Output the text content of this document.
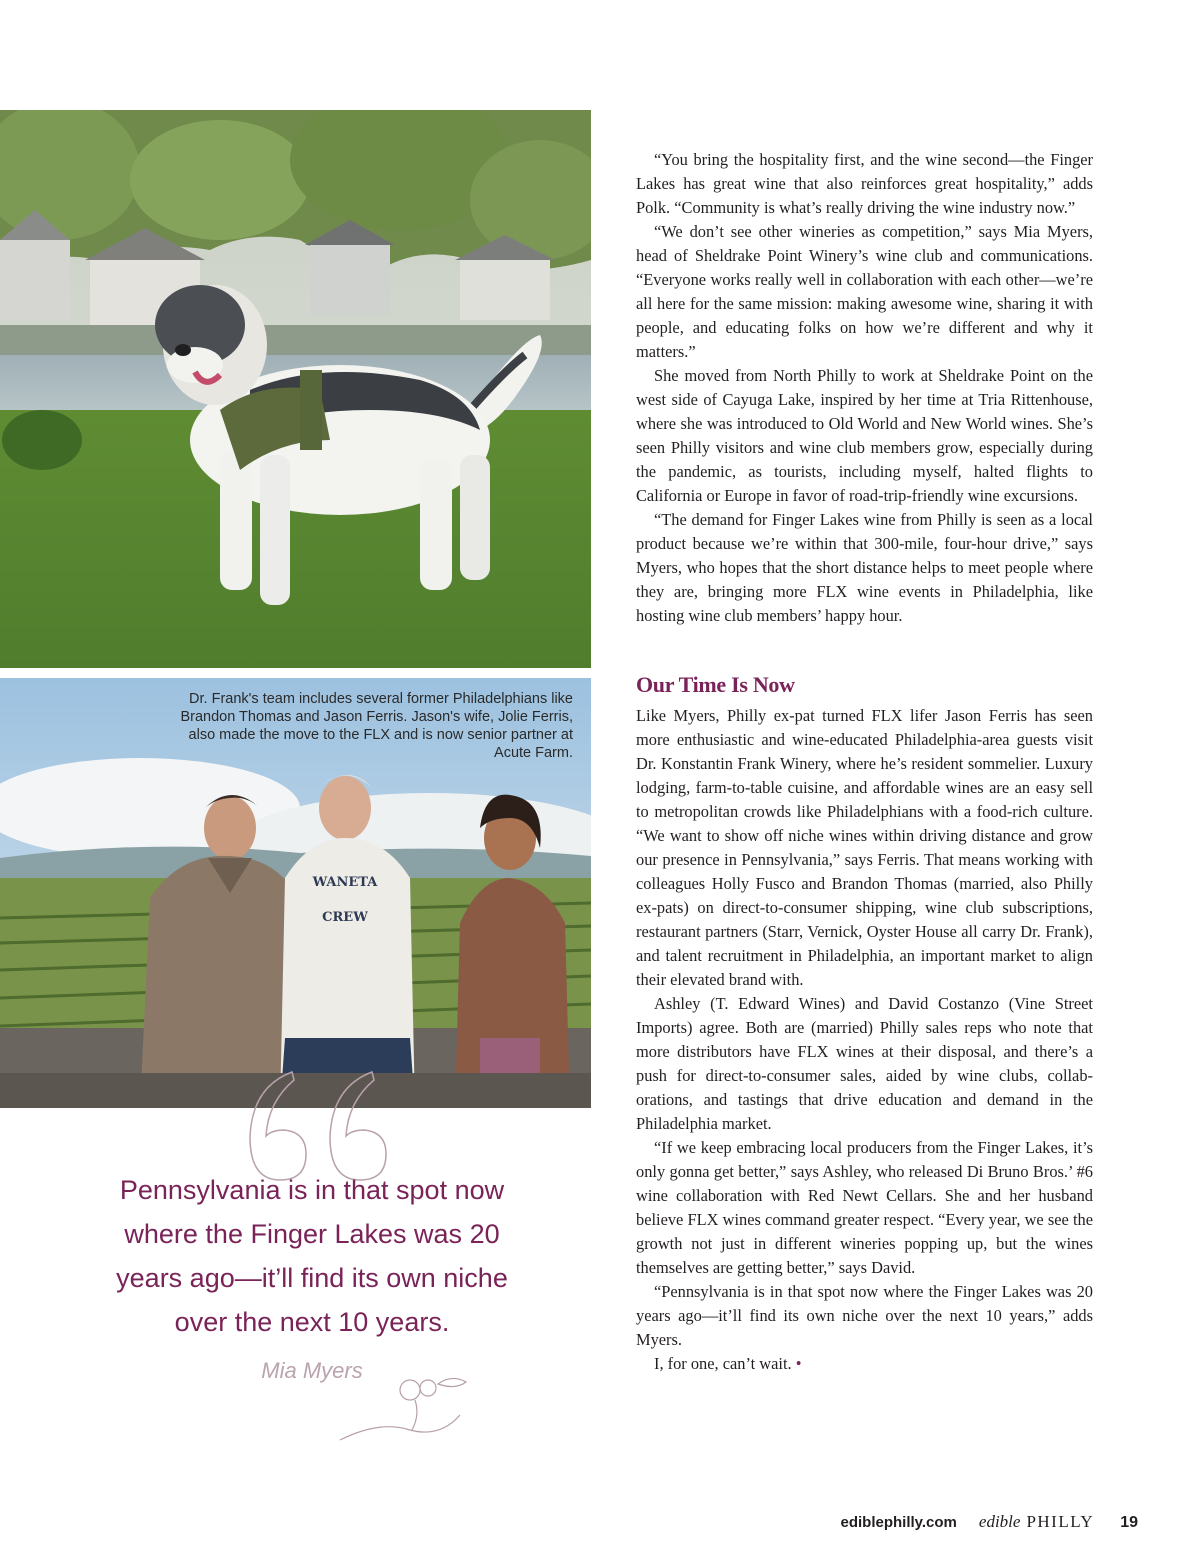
WANETA
CREW

Dr. Frank's team includes several former Philadelphians like Brandon Thomas and Jason Ferris. Jason's wife, Jolie Ferris, also made the move to the FLX and is now senior partner at Acute Farm.

Pennsylvania is in that spot now where the Finger Lakes was 20 years ago—it’ll find its own niche over the next 10 years.

Mia Myers

“You bring the hospitality first, and the wine second—the Finger Lakes has great wine that also reinforces great hospitality,” adds Polk. “Community is what’s really driving the wine industry now.”

“We don’t see other wineries as competition,” says Mia Myers, head of Sheldrake Point Winery’s wine club and communications. “Everyone works really well in collaboration with each other—we’re all here for the same mission: making awesome wine, sharing it with people, and educating folks on how we’re different and why it matters.”

She moved from North Philly to work at Sheldrake Point on the west side of Cayuga Lake, inspired by her time at Tria Rittenhouse, where she was introduced to Old World and New World wines. She’s seen Philly visitors and wine club members grow, especially during the pandemic, as tourists, including myself, halted flights to California or Europe in favor of road-trip-friendly wine excursions.

“The demand for Finger Lakes wine from Philly is seen as a local product because we’re within that 300-mile, four-hour drive,” says Myers, who hopes that the short distance helps to meet people where they are, bringing more FLX wine events in Philadelphia, like hosting wine club members’ happy hour.

Our Time Is Now

Like Myers, Philly ex-pat turned FLX lifer Jason Ferris has seen more enthusiastic and wine-educated Philadelphia-area guests visit Dr. Konstantin Frank Winery, where he’s resident sommelier. Luxury lodging, farm-to-table cuisine, and affordable wines are an easy sell to metropolitan crowds like Philadelphians with a food-rich culture. “We want to show off niche wines within driving distance and grow our presence in Pennsylvania,” says Ferris. That means working with colleagues Holly Fusco and Brandon Thomas (married, also Philly ex-pats) on direct-to-consumer shipping, wine club subscriptions, restaurant partners (Starr, Vernick, Oyster House all carry Dr. Frank), and talent recruitment in Philadelphia, an important market to align their elevated brand with.

Ashley (T. Edward Wines) and David Costanzo (Vine Street Imports) agree. Both are (married) Philly sales reps who note that more distributors have FLX wines at their disposal, and there’s a push for direct-to-consumer sales, aided by wine clubs, collaborations, and tastings that drive education and demand in the Philadelphia market.

“If we keep embracing local producers from the Finger Lakes, it’s only gonna get better,” says Ashley, who released Di Bruno Bros.’ #6 wine collaboration with Red Newt Cellars. She and her husband believe FLX wines command greater respect. “Every year, we see the growth not just in different wineries popping up, but the wines themselves are getting better,” says David.

“Pennsylvania is in that spot now where the Finger Lakes was 20 years ago—it’ll find its own niche over the next 10 years,” adds Myers.

I, for one, can’t wait. •

ediblephilly.com edible PHILLY 19
